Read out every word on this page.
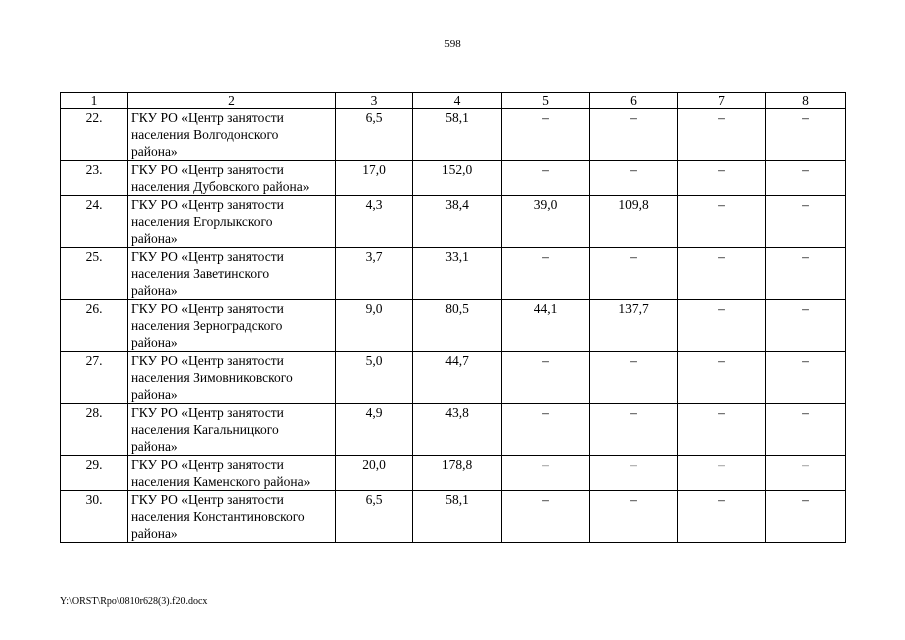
598
1	2	3	4	5	6	7	8
22.	ГКУ РО «Центр занятости
населения Волгодонского
района»	6,5	58,1	–	–	–	–
23.	ГКУ РО «Центр занятости
населения Дубовского района»	17,0	152,0	–	–	–	–
24.	ГКУ РО «Центр занятости
населения Егорлыкского
района»	4,3	38,4	39,0	109,8	–	–
25.	ГКУ РО «Центр занятости
населения Заветинского
района»	3,7	33,1	–	–	–	–
26.	ГКУ РО «Центр занятости
населения Зерноградского
района»	9,0	80,5	44,1	137,7	–	–
27.	ГКУ РО «Центр занятости
населения Зимовниковского
района»	5,0	44,7	–	–	–	–
28.	ГКУ РО «Центр занятости
населения Кагальницкого
района»	4,9	43,8	–	–	–	–
29.	ГКУ РО «Центр занятости
населения Каменского района»	20,0	178,8	–	–	–	–
30.	ГКУ РО «Центр занятости
населения Константиновского
района»	6,5	58,1	–	–	–	–
Y:\ORST\Rpo\0810r628(3).f20.docx
